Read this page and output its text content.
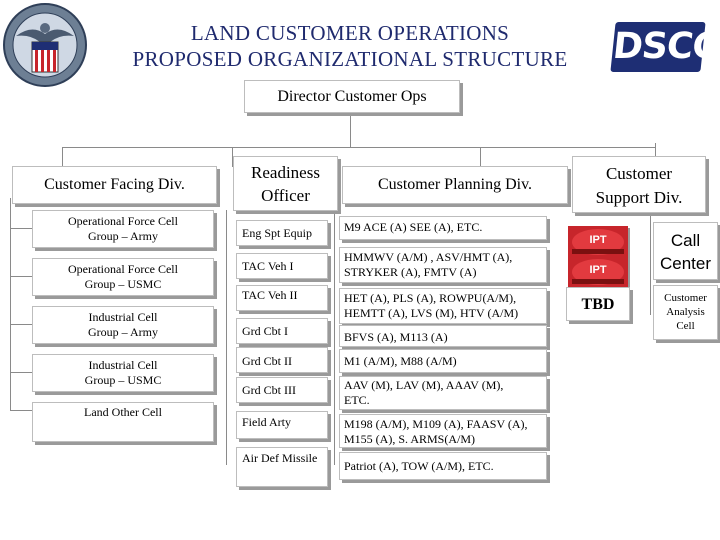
LAND CUSTOMER OPERATIONS
PROPOSED ORGANIZATIONAL STRUCTURE	DSCC
Director Customer Ops
Customer Facing Div.
Readiness
Officer
Customer Planning Div.
Customer
Support Div.
Operational Force Cell
Group – Army
Operational Force Cell
Group – USMC
Industrial Cell
Group – Army
Industrial Cell
Group – USMC
Land Other Cell
Eng Spt Equip
TAC Veh I
TAC Veh II
Grd Cbt I
Grd Cbt II
Grd Cbt III
Field Arty
Air Def Missile
M9 ACE (A) SEE (A), ETC.
HMMWV (A/M) , ASV/HMT (A),
STRYKER (A), FMTV (A)
HET (A), PLS (A), ROWPU(A/M),
HEMTT (A), LVS (M), HTV (A/M)
BFVS (A), M113 (A)
M1 (A/M), M88 (A/M)
AAV (M), LAV (M), AAAV (M),
ETC.
M198 (A/M), M109 (A), FAASV (A),
M155 (A), S. ARMS(A/M)
Patriot (A), TOW (A/M), ETC.
IPT
IPT
TBD
Call
Center
Customer
Analysis
Cell
